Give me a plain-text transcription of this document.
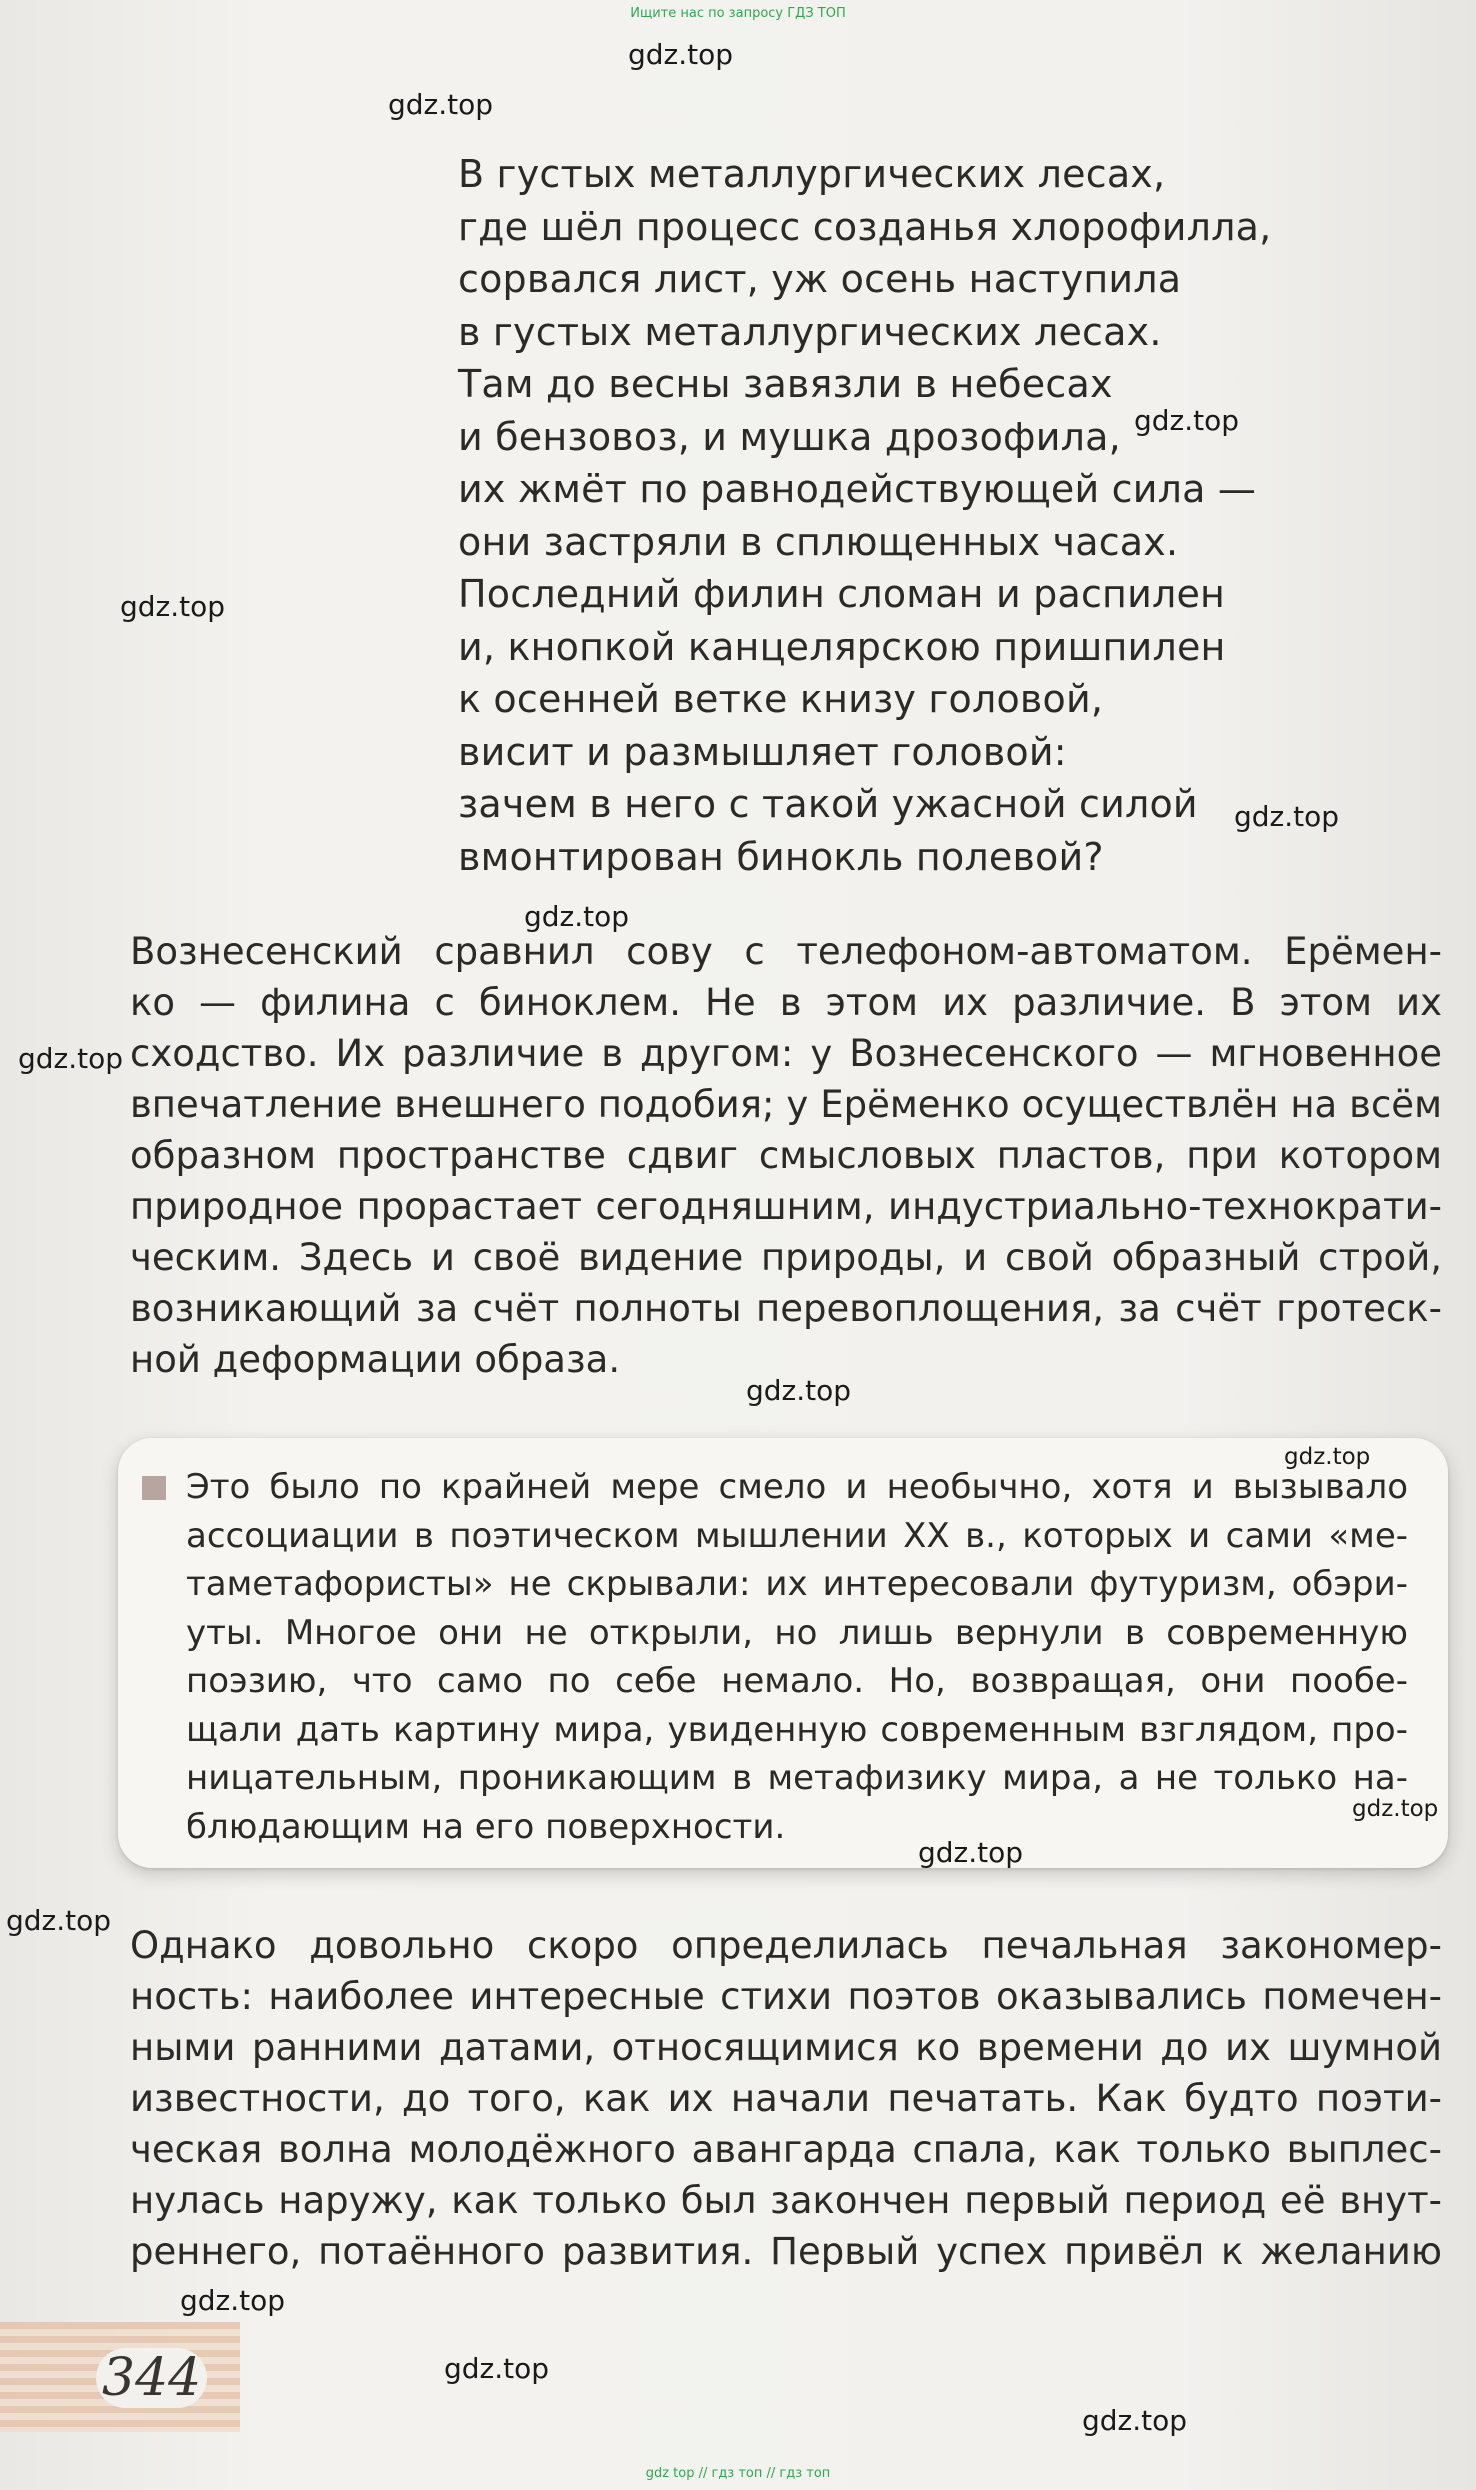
Ищите нас по запросу ГДЗ ТОП
В густых металлургических лесах,
где шёл процесс созданья хлорофилла,
сорвался лист, уж осень наступила
в густых металлургических лесах.
Там до весны завязли в небесах
и бензовоз, и мушка дрозофила,
их жмёт по равнодействующей сила —
они застряли в сплющенных часах.
Последний филин сломан и распилен
и, кнопкой канцелярскою пришпилен
к осенней ветке книзу головой,
висит и размышляет головой:
зачем в него с такой ужасной силой
вмонтирован бинокль полевой?
Вознесенский сравнил сову с телефоном-автоматом. Ерёмен-
ко — филина с биноклем. Не в этом их различие. В этом их
сходство. Их различие в другом: у Вознесенского — мгновенное
впечатление внешнего подобия; у Ерёменко осуществлён на всём
образном пространстве сдвиг смысловых пластов, при котором
природное прорастает сегодняшним, индустриально-технократи-
ческим. Здесь и своё видение природы, и свой образный строй,
возникающий за счёт полноты перевоплощения, за счёт гротеск-
ной деформации образа.
Это было по крайней мере смело и необычно, хотя и вызывало
ассоциации в поэтическом мышлении XX в., которых и сами «ме-
таметафористы» не скрывали: их интересовали футуризм, обэри-
уты. Многое они не открыли, но лишь вернули в современную
поэзию, что само по себе немало. Но, возвращая, они пообе-
щали дать картину мира, увиденную современным взглядом, про-
ницательным, проникающим в метафизику мира, а не только на-
блюдающим на его поверхности.
Однако довольно скоро определилась печальная закономер-
ность: наиболее интересные стихи поэтов оказывались помечен-
ными ранними датами, относящимися ко времени до их шумной
известности, до того, как их начали печатать. Как будто поэти-
ческая волна молодёжного авангарда спала, как только выплес-
нулась наружу, как только был закончен первый период её внут-
реннего, потаённого развития. Первый успех привёл к желанию
344
gdz.top
gdz.top
gdz.top
gdz.top
gdz.top
gdz.top
gdz.top
gdz.top
gdz.top
gdz.top
gdz.top
gdz.top
gdz.top
gdz.top
gdz.top
gdz top // гдз топ // гдз топ
